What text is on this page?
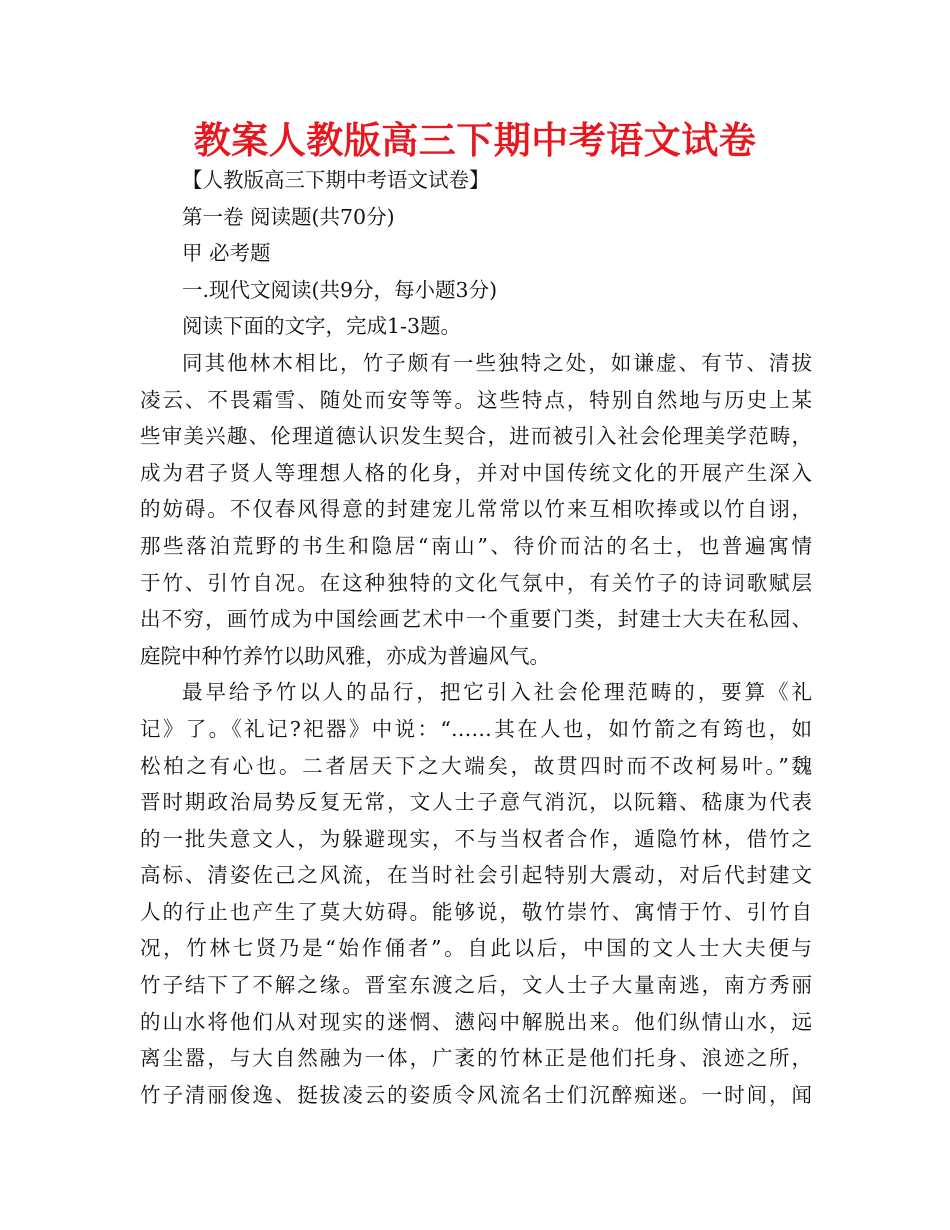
教案人教版高三下期中考语文试卷

【人教版高三下期中考语文试卷】

第一卷 阅读题(共70分)

甲 必考题

一.现代文阅读(共9分，每小题3分)

阅读下面的文字，完成1-3题。

同其他林木相比，竹子颇有一些独特之处，如谦虚、有节、清拔

凌云、不畏霜雪、随处而安等等。这些特点，特别自然地与历史上某

些审美兴趣、伦理道德认识发生契合，进而被引入社会伦理美学范畴，

成为君子贤人等理想人格的化身，并对中国传统文化的开展产生深入

的妨碍。不仅春风得意的封建宠儿常常以竹来互相吹捧或以竹自诩，

那些落泊荒野的书生和隐居“南山”、待价而沽的名士，也普遍寓情

于竹、引竹自况。在这种独特的文化气氛中，有关竹子的诗词歌赋层

出不穷，画竹成为中国绘画艺术中一个重要门类，封建士大夫在私园、

庭院中种竹养竹以助风雅，亦成为普遍风气。

最早给予竹以人的品行，把它引入社会伦理范畴的，要算《礼

记》了。《礼记?祀器》中说：“……其在人也，如竹箭之有筠也，如

松柏之有心也。二者居天下之大端矣，故贯四时而不改柯易叶。”魏

晋时期政治局势反复无常，文人士子意气消沉，以阮籍、嵇康为代表

的一批失意文人，为躲避现实，不与当权者合作，遁隐竹林，借竹之

高标、清姿佐己之风流，在当时社会引起特别大震动，对后代封建文

人的行止也产生了莫大妨碍。能够说，敬竹崇竹、寓情于竹、引竹自

况，竹林七贤乃是“始作俑者”。自此以后，中国的文人士大夫便与

竹子结下了不解之缘。晋室东渡之后，文人士子大量南逃，南方秀丽

的山水将他们从对现实的迷惘、懑闷中解脱出来。他们纵情山水，远

离尘嚣，与大自然融为一体，广袤的竹林正是他们托身、浪迹之所，

竹子清丽俊逸、挺拔凌云的姿质令风流名士们沉醉痴迷。一时间，闻
